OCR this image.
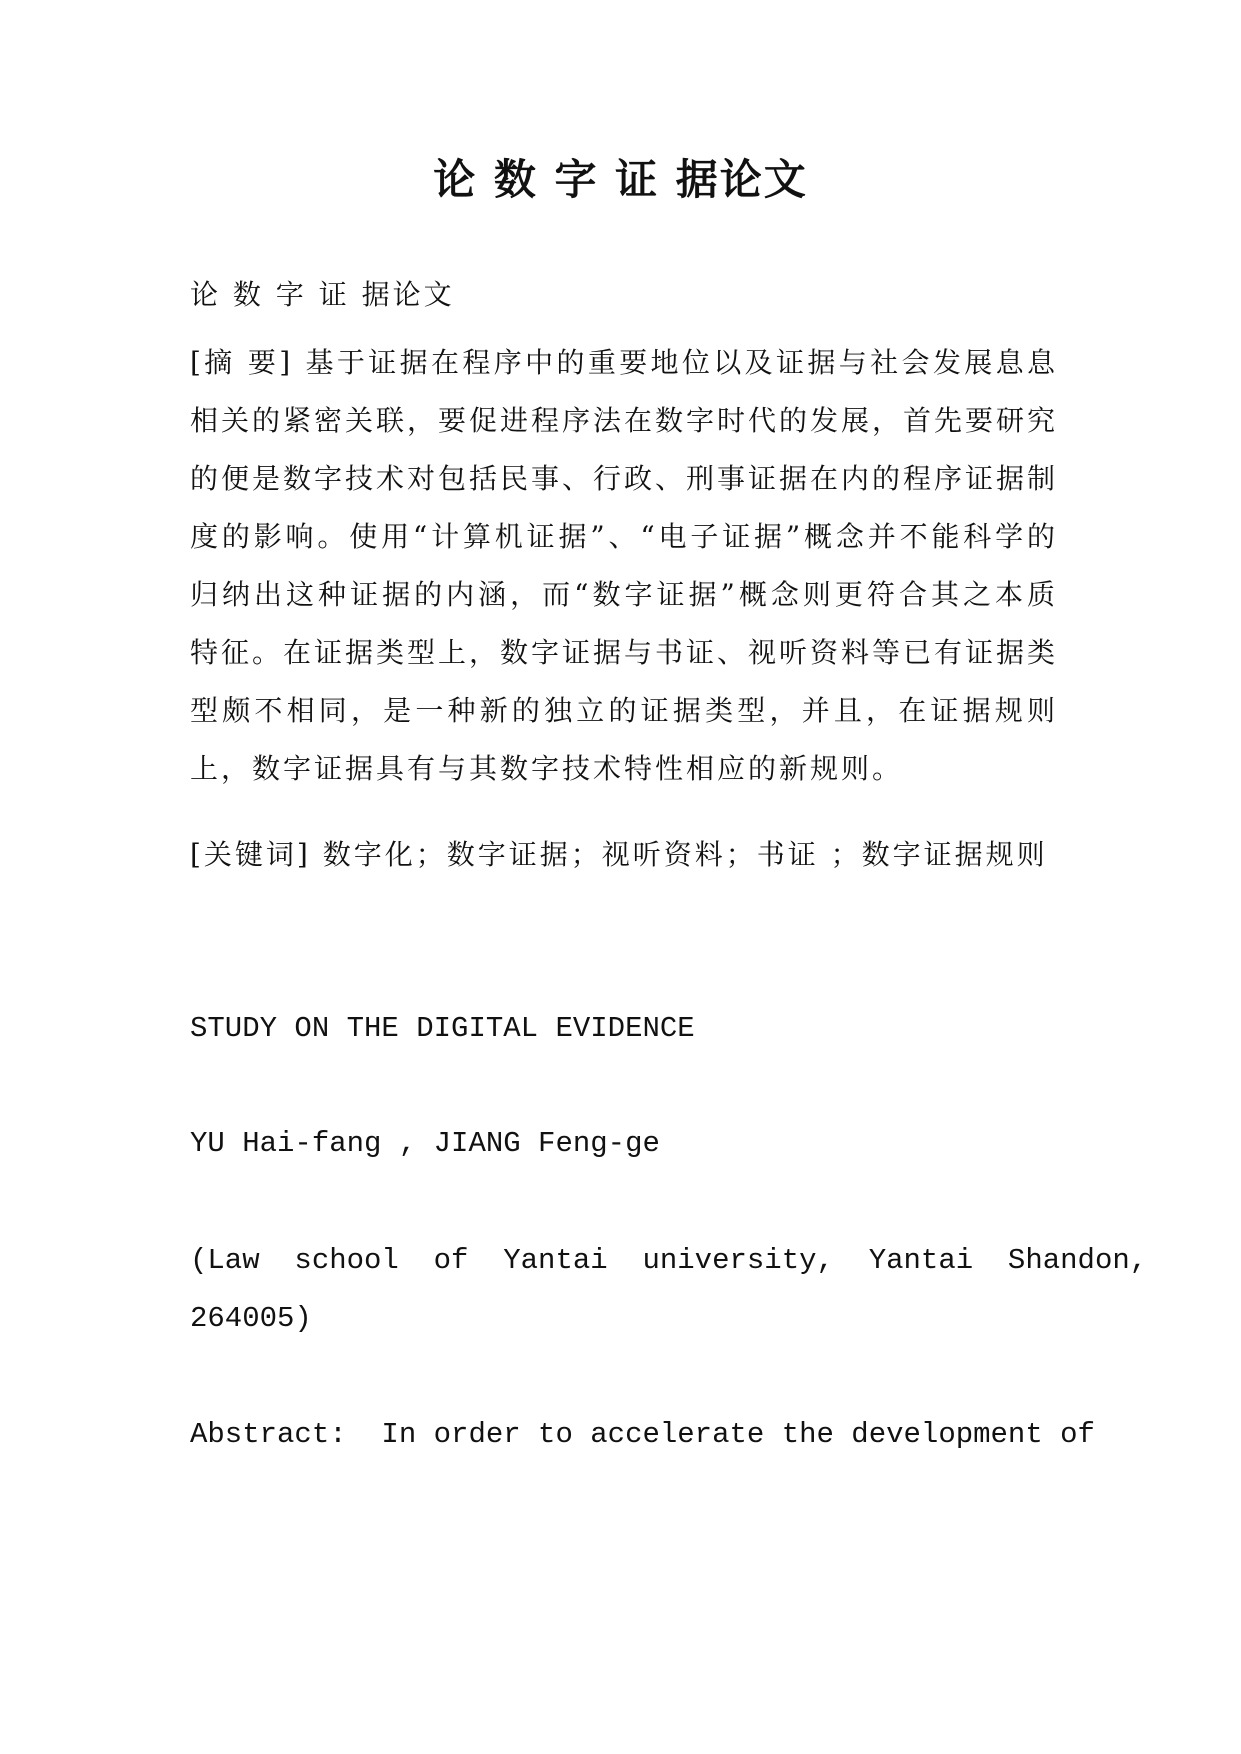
论 数 字 证 据论文

论 数 字 证 据论文

[摘 要] 基于证据在程序中的重要地位以及证据与社会发展息息相关的紧密关联，要促进程序法在数字时代的发展，首先要研究的便是数字技术对包括民事、行政、刑事证据在内的程序证据制度的影响。使用“计算机证据”、“电子证据”概念并不能科学的归纳出这种证据的内涵，而“数字证据”概念则更符合其之本质特征。在证据类型上，数字证据与书证、视听资料等已有证据类型颇不相同，是一种新的独立的证据类型，并且，在证据规则上，数字证据具有与其数字技术特性相应的新规则。

[关键词] 数字化；数字证据；视听资料；书证 ；数字证据规则

STUDY ON THE DIGITAL EVIDENCE

YU Hai-fang , JIANG Feng-ge

(Law  school  of  Yantai  university,  Yantai  Shandon,

264005)

Abstract:  In order to accelerate the development of
